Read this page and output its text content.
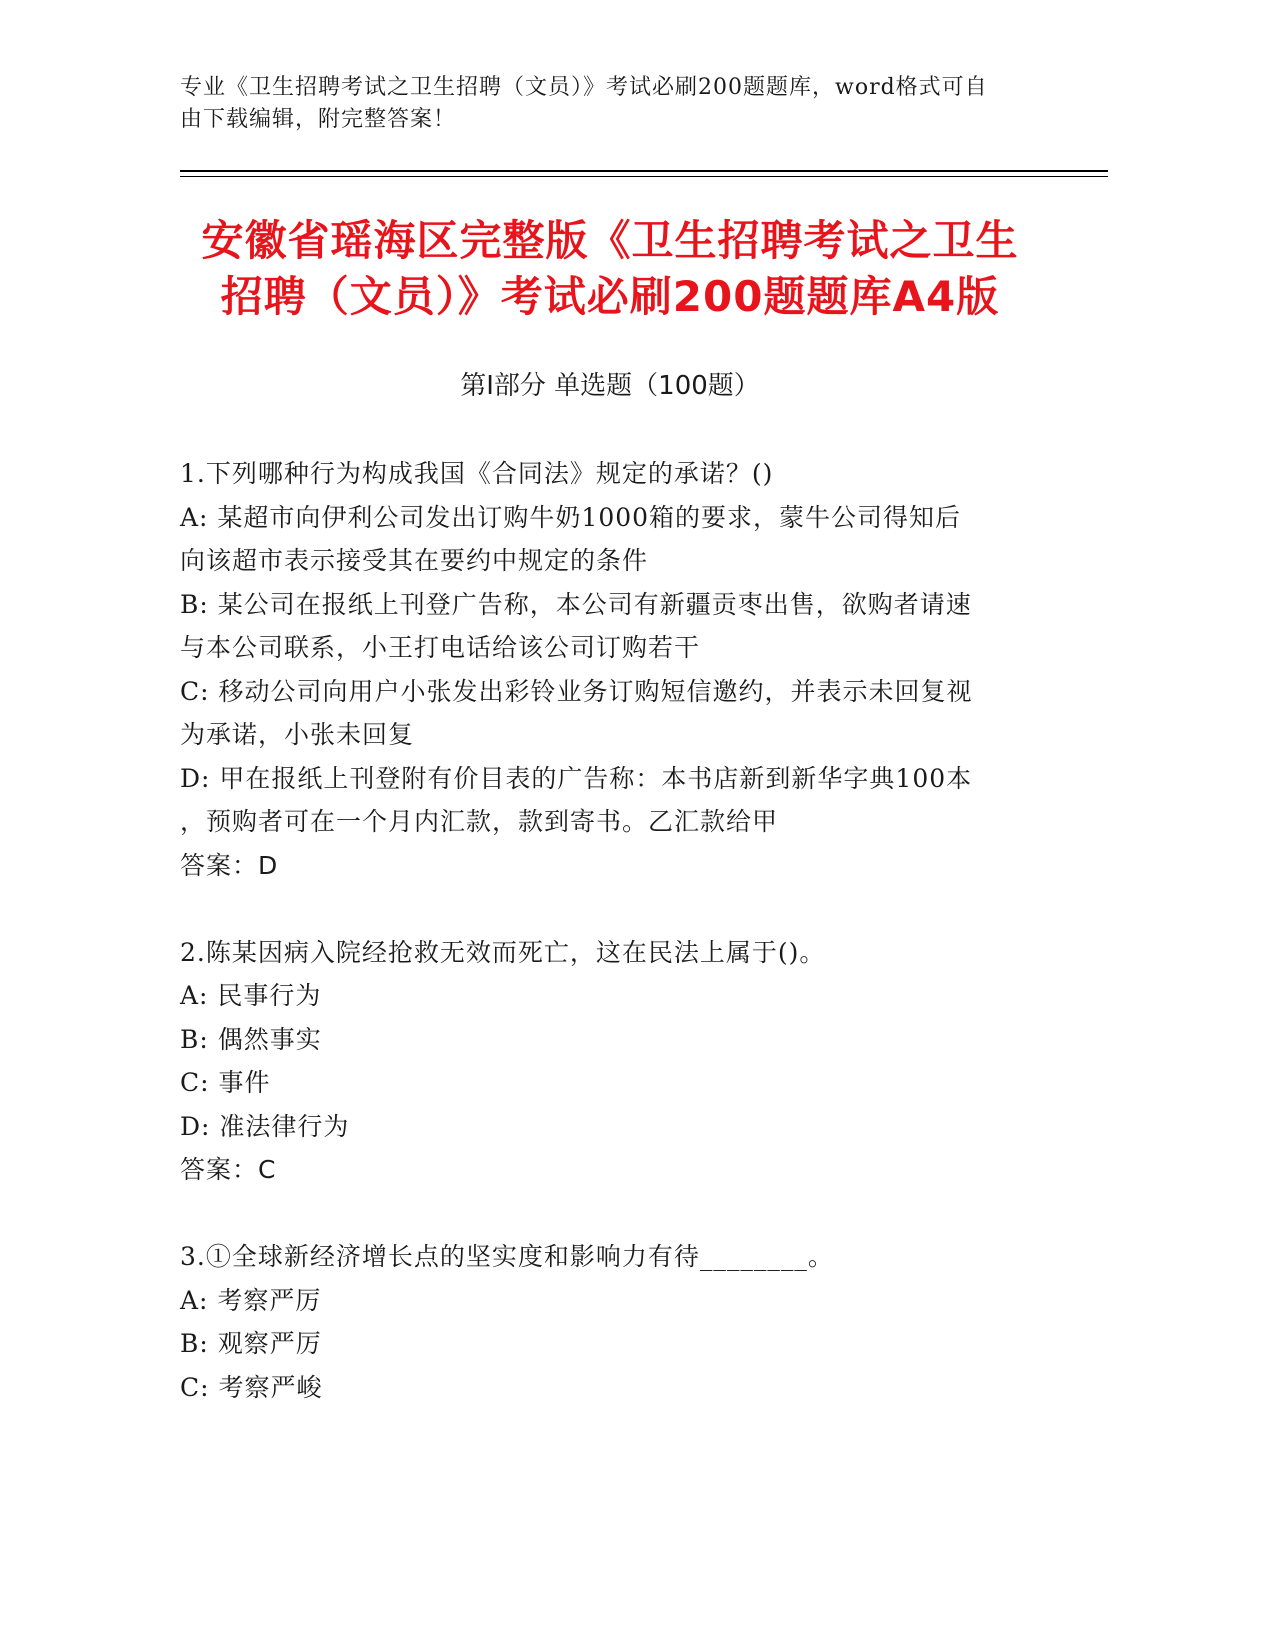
专业《卫生招聘考试之卫生招聘（文员）》考试必刷200题题库，word格式可自
由下载编辑，附完整答案！
安徽省瑶海区完整版《卫生招聘考试之卫生
招聘（文员）》考试必刷200题题库A4版
第Ⅰ部分 单选题（100题）
1.下列哪种行为构成我国《合同法》规定的承诺？()
A: 某超市向伊利公司发出订购牛奶1000箱的要求，蒙牛公司得知后
向该超市表示接受其在要约中规定的条件
B: 某公司在报纸上刊登广告称，本公司有新疆贡枣出售，欲购者请速
与本公司联系，小王打电话给该公司订购若干
C: 移动公司向用户小张发出彩铃业务订购短信邀约，并表示未回复视
为承诺，小张未回复
D: 甲在报纸上刊登附有价目表的广告称：本书店新到新华字典100本
，预购者可在一个月内汇款，款到寄书。乙汇款给甲
答案：D
2.陈某因病入院经抢救无效而死亡，这在民法上属于()。
A: 民事行为
B: 偶然事实
C: 事件
D: 准法律行为
答案：C
3.①全球新经济增长点的坚实度和影响力有待________。
A: 考察严厉
B: 观察严厉
C: 考察严峻
